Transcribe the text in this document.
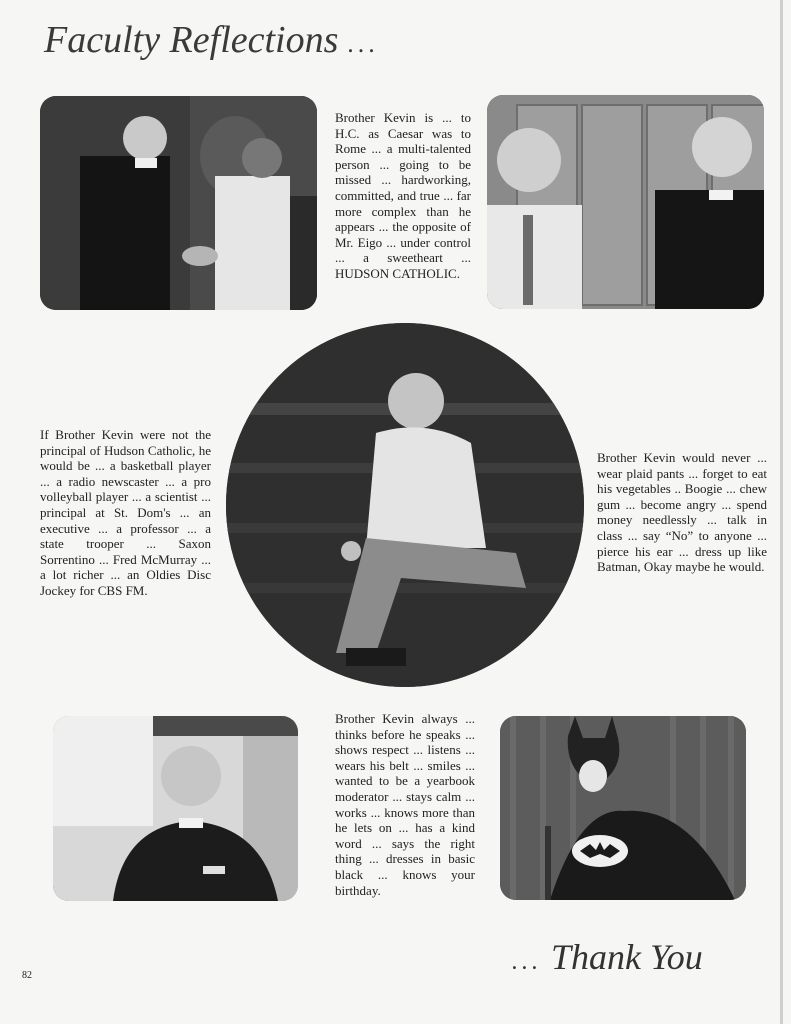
Faculty Reflections ...
Brother Kevin is ... to H.C. as Caesar was to Rome ... a multi-talented person ... going to be missed ... hardworking, committed, and true ... far more complex than he appears ... the opposite of Mr. Eigo ... under control ... a sweetheart ... HUDSON CATHOLIC.
If Brother Kevin were not the principal of Hudson Catholic, he would be ... a basketball player ... a radio newscaster ... a pro volleyball player ... a scientist ... principal at St. Dom's ... an executive ... a professor ... a state trooper ... Saxon Sorrentino ... Fred McMurray ... a lot richer ... an Oldies Disc Jockey for CBS FM.
Brother Kevin would never ... wear plaid pants ... forget to eat his vegetables .. Boogie ... chew gum ... become angry ... spend money needlessly ... talk in class ... say “No” to anyone ... pierce his ear ... dress up like Batman, Okay maybe he would.
Brother Kevin always ... thinks before he speaks ... shows respect ... listens ... wears his belt ... smiles ... wanted to be a yearbook moderator ... stays calm ... works ... knows more than he lets on ... has a kind word ... says the right thing ... dresses in basic black ... knows your birthday.
... Thank You
82
